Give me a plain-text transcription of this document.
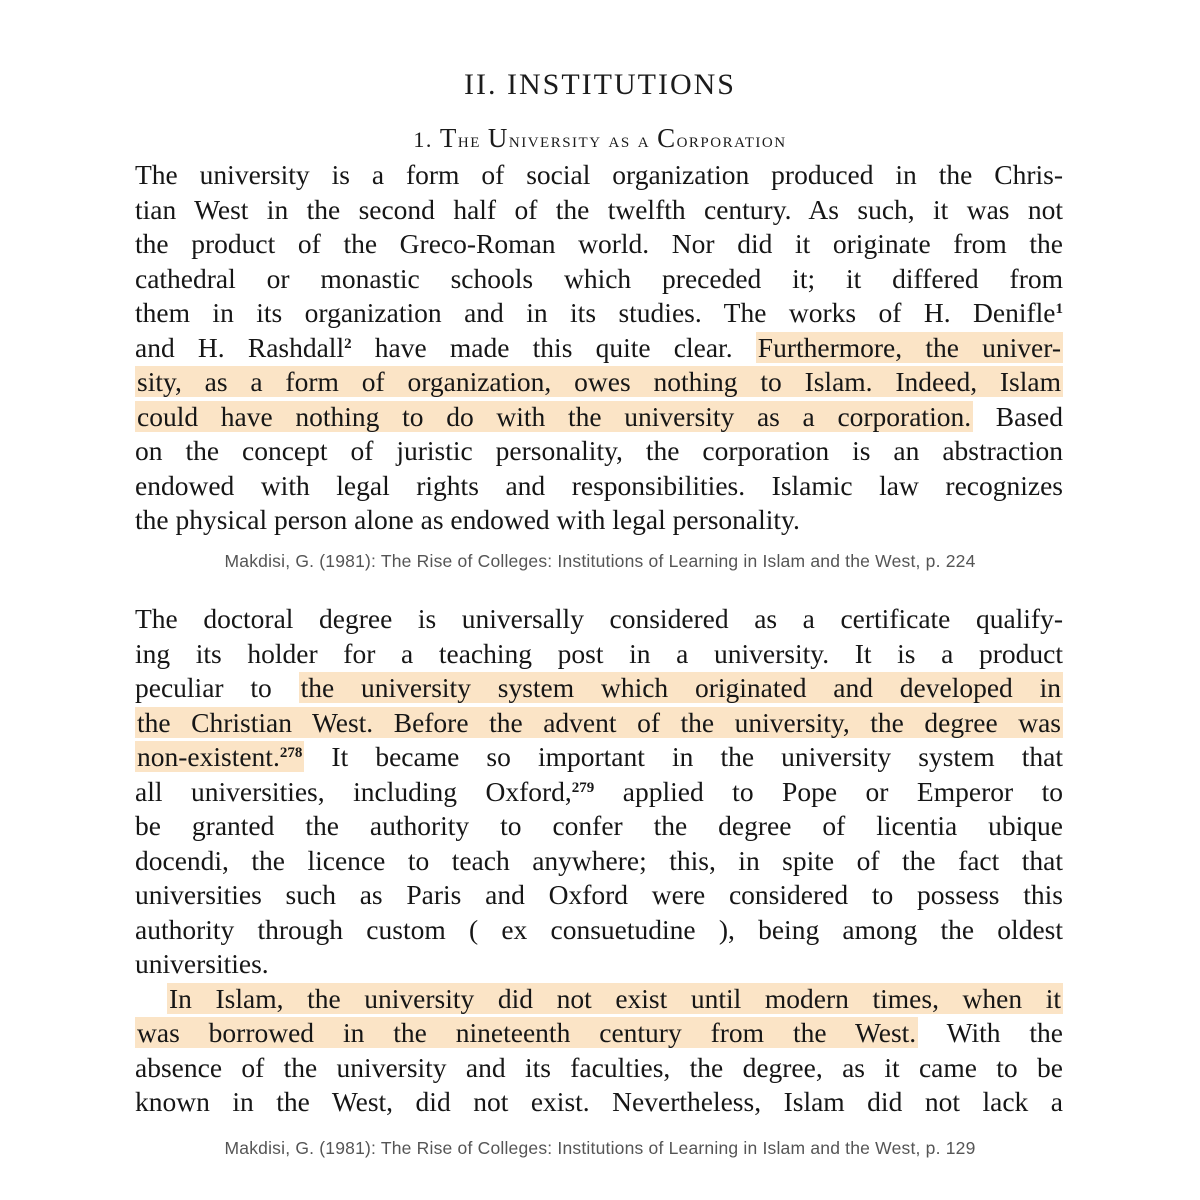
II. INSTITUTIONS
1. The University as a Corporation
The university is a form of social organization produced in the Chris-
tian West in the second half of the twelfth century. As such, it was not
the product of the Greco-Roman world. Nor did it originate from the
cathedral or monastic schools which preceded it; it differed from
them in its organization and in its studies. The works of H. Denifle$^1$
and H. Rashdall$^2$ have made this quite clear. Furthermore, the univer-
sity, as a form of organization, owes nothing to Islam. Indeed, Islam
could have nothing to do with the university as a corporation. Based
on the concept of juristic personality, the corporation is an abstraction
endowed with legal rights and responsibilities. Islamic law recognizes
the physical person alone as endowed with legal personality.
Makdisi, G. (1981): The Rise of Colleges: Institutions of Learning in Islam and the West, p. 224
The doctoral degree is universally considered as a certificate qualify-
ing its holder for a teaching post in a university. It is a product
peculiar to the university system which originated and developed in
the Christian West. Before the advent of the university, the degree was
non-existent.$^{278}$ It became so important in the university system that
all universities, including Oxford,$^{279}$ applied to Pope or Emperor to
be granted the authority to confer the degree of licentia ubique
docendi, the licence to teach anywhere; this, in spite of the fact that
universities such as Paris and Oxford were considered to possess this
authority through custom ( ex consuetudine ), being among the oldest
universities.
In Islam, the university did not exist until modern times, when it
was borrowed in the nineteenth century from the West. With the
absence of the university and its faculties, the degree, as it came to be
known in the West, did not exist. Nevertheless, Islam did not lack a
Makdisi, G. (1981): The Rise of Colleges: Institutions of Learning in Islam and the West, p. 129
